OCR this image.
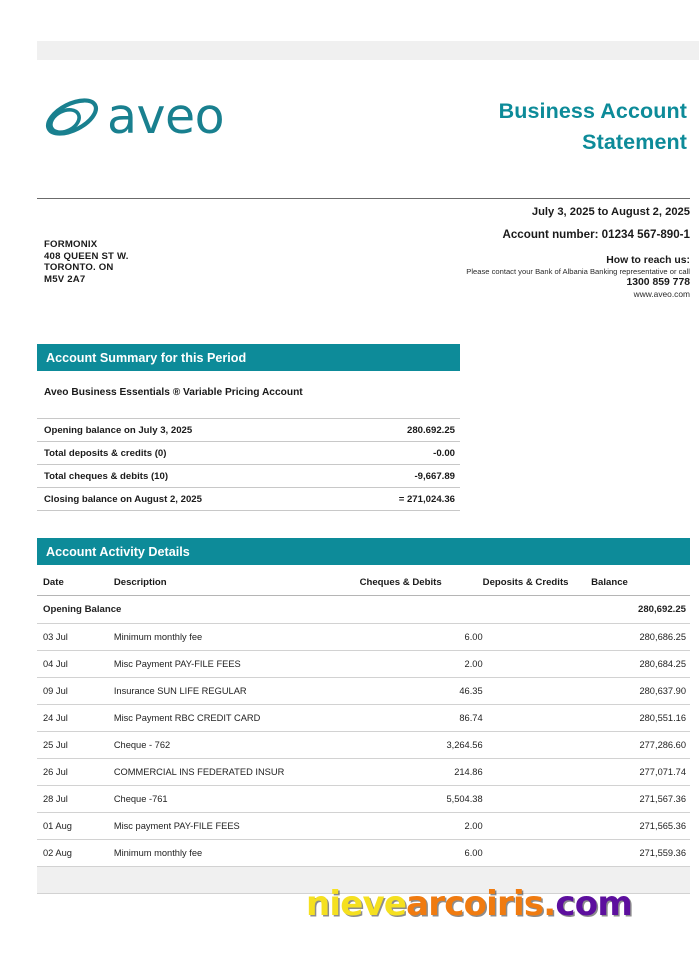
aveo	Business Account
Statement
July 3, 2025 to August 2, 2025
Account number: 01234 567-890-1
How to reach us:
Please contact your Bank of Albania Banking representative or call
1300 859 778
www.aveo.com
FORMONIX
408 QUEEN ST W.
TORONTO. ON
M5V 2A7
Account Summary for this Period
Aveo Business Essentials ® Variable Pricing Account
Opening balance on July 3, 2025	280.692.25
Total deposits & credits (0)	-0.00
Total cheques & debits (10)	-9,667.89
Closing balance on August 2, 2025	= 271,024.36
Account Activity Details
Date	Description	Cheques & Debits	Deposits & Credits	Balance
Opening Balance				280,692.25
03 Jul	Minimum monthly fee	6.00		280,686.25
04 Jul	Misc Payment PAY-FILE FEES	2.00		280,684.25
09 Jul	Insurance SUN LIFE REGULAR	46.35		280,637.90
24 Jul	Misc Payment RBC CREDIT CARD	86.74		280,551.16
25 Jul	Cheque - 762	3,264.56		277,286.60
26 Jul	COMMERCIAL INS FEDERATED INSUR	214.86		277,071.74
28 Jul	Cheque -761	5,504.38		271,567.36
01 Aug	Misc payment PAY-FILE FEES	2.00		271,565.36
02 Aug	Minimum monthly fee	6.00		271,559.36

nievearcoiris.com
